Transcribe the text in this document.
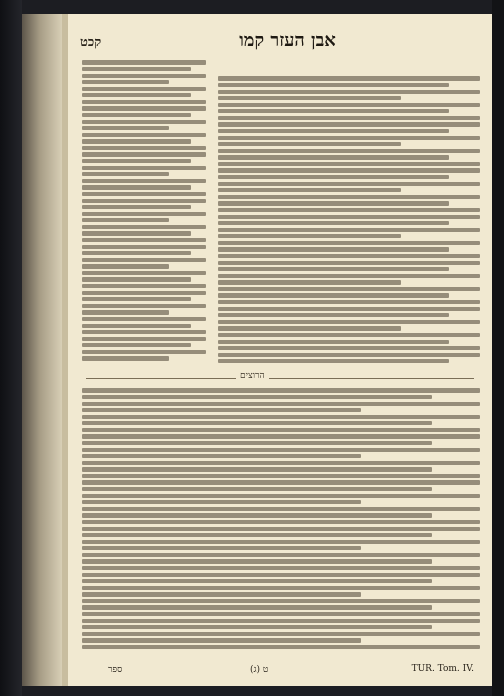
קכט	אבן העזר קמו
הרוצים
ספר	ט (ג)	TUR. Tom. IV.
